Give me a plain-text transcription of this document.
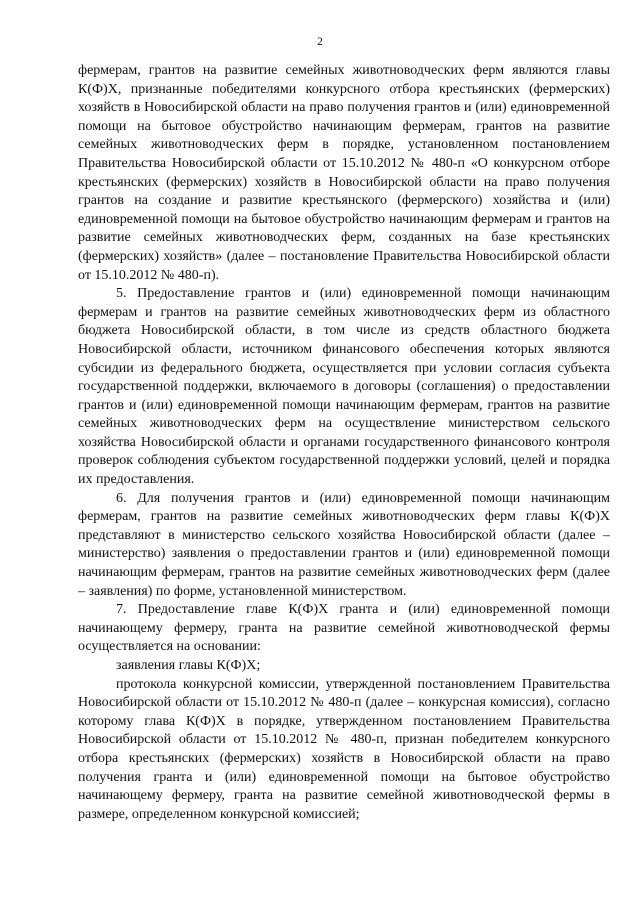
2

фермерам, грантов на развитие семейных животноводческих ферм являются главы К(Ф)Х, признанные победителями конкурсного отбора крестьянских (фермерских) хозяйств в Новосибирской области на право получения грантов и (или) единовременной помощи на бытовое обустройство начинающим фермерам, грантов на развитие семейных животноводческих ферм в порядке, установленном постановлением Правительства Новосибирской области от 15.10.2012 № 480-п «О конкурсном отборе крестьянских (фермерских) хозяйств в Новосибирской области на право получения грантов на создание и развитие крестьянского (фермерского) хозяйства и (или) единовременной помощи на бытовое обустройство начинающим фермерам и грантов на развитие семейных животноводческих ферм, созданных на базе крестьянских (фермерских) хозяйств» (далее – постановление Правительства Новосибирской области от 15.10.2012 № 480-п).

5. Предоставление грантов и (или) единовременной помощи начинающим фермерам и грантов на развитие семейных животноводческих ферм из областного бюджета Новосибирской области, в том числе из средств областного бюджета Новосибирской области, источником финансового обеспечения которых являются субсидии из федерального бюджета, осуществляется при условии согласия субъекта государственной поддержки, включаемого в договоры (соглашения) о предоставлении грантов и (или) единовременной помощи начинающим фермерам, грантов на развитие семейных животноводческих ферм на осуществление министерством сельского хозяйства Новосибирской области и органами государственного финансового контроля проверок соблюдения субъектом государственной поддержки условий, целей и порядка их предоставления.

6. Для получения грантов и (или) единовременной помощи начинающим фермерам, грантов на развитие семейных животноводческих ферм главы К(Ф)Х представляют в министерство сельского хозяйства Новосибирской области (далее – министерство) заявления о предоставлении грантов и (или) единовременной помощи начинающим фермерам, грантов на развитие семейных животноводческих ферм (далее – заявления) по форме, установленной министерством.

7. Предоставление главе К(Ф)Х гранта и (или) единовременной помощи начинающему фермеру, гранта на развитие семейной животноводческой фермы осуществляется на основании:

заявления главы К(Ф)Х;

протокола конкурсной комиссии, утвержденной постановлением Правительства Новосибирской области от 15.10.2012 № 480-п (далее – конкурсная комиссия), согласно которому глава К(Ф)Х в порядке, утвержденном постановлением Правительства Новосибирской области от 15.10.2012 № 480-п, признан победителем конкурсного отбора крестьянских (фермерских) хозяйств в Новосибирской области на право получения гранта и (или) единовременной помощи на бытовое обустройство начинающему фермеру, гранта на развитие семейной животноводческой фермы в размере, определенном конкурсной комиссией;
